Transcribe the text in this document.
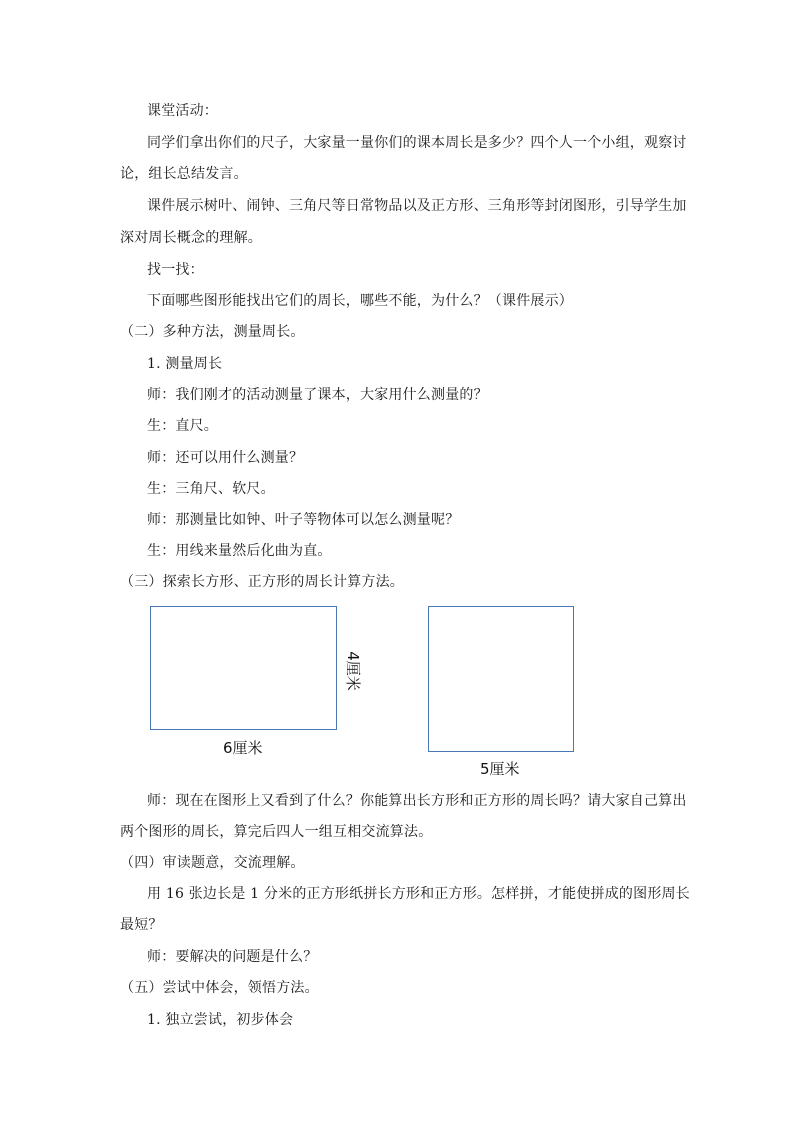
课堂活动：
同学们拿出你们的尺子，大家量一量你们的课本周长是多少？四个人一个小组，观察讨
论，组长总结发言。
课件展示树叶、闹钟、三角尺等日常物品以及正方形、三角形等封闭图形，引导学生加
深对周长概念的理解。
找一找：
下面哪些图形能找出它们的周长，哪些不能，为什么？（课件展示）
（二）多种方法，测量周长。
1. 测量周长
师：我们刚才的活动测量了课本，大家用什么测量的？
生：直尺。
师：还可以用什么测量？
生：三角尺、软尺。
师：那测量比如钟、叶子等物体可以怎么测量呢？
生：用线来量然后化曲为直。
（三）探索长方形、正方形的周长计算方法。
6厘米
4厘米
5厘米
师：现在在图形上又看到了什么？你能算出长方形和正方形的周长吗？请大家自己算出
两个图形的周长，算完后四人一组互相交流算法。
（四）审读题意，交流理解。
用 16 张边长是 1 分米的正方形纸拼长方形和正方形。怎样拼，才能使拼成的图形周长
最短？
师：要解决的问题是什么？
（五）尝试中体会，领悟方法。
1. 独立尝试，初步体会
